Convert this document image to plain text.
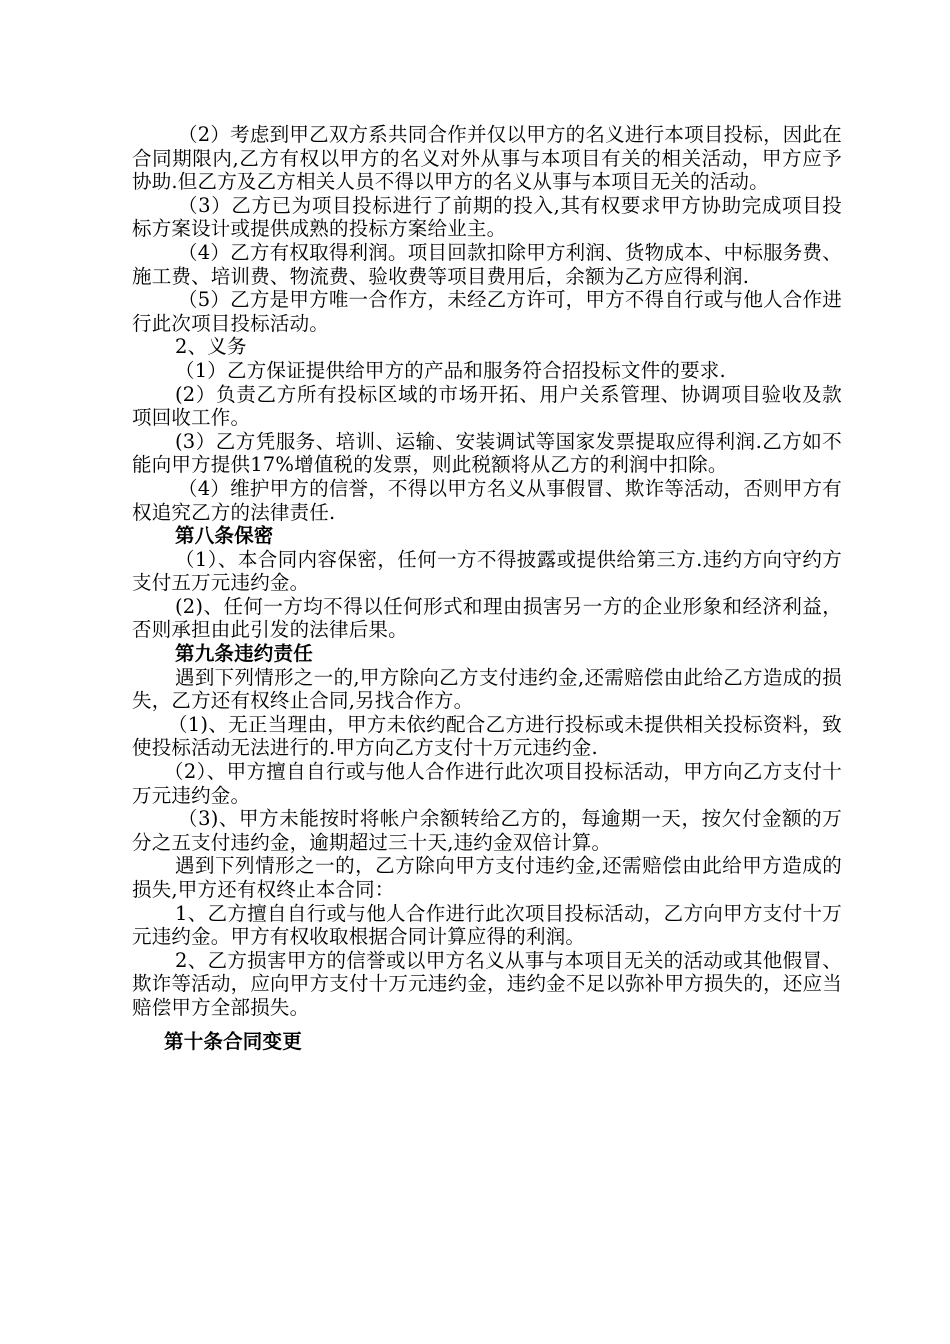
（2）考虑到甲乙双方系共同合作并仅以甲方的名义进行本项目投标，因此在合同期限内,乙方有权以甲方的名义对外从事与本项目有关的相关活动，甲方应予协助.但乙方及乙方相关人员不得以甲方的名义从事与本项目无关的活动。

（3）乙方已为项目投标进行了前期的投入,其有权要求甲方协助完成项目投标方案设计或提供成熟的投标方案给业主。

（4）乙方有权取得利润。项目回款扣除甲方利润、货物成本、中标服务费、施工费、培训费、物流费、验收费等项目费用后，余额为乙方应得利润.

（5）乙方是甲方唯一合作方，未经乙方许可，甲方不得自行或与他人合作进行此次项目投标活动。

2、义务

（1）乙方保证提供给甲方的产品和服务符合招投标文件的要求.

(2）负责乙方所有投标区域的市场开拓、用户关系管理、协调项目验收及款项回收工作。

(3）乙方凭服务、培训、运输、安装调试等国家发票提取应得利润.乙方如不能向甲方提供17%增值税的发票，则此税额将从乙方的利润中扣除。

（4）维护甲方的信誉，不得以甲方名义从事假冒、欺诈等活动，否则甲方有权追究乙方的法律责任.

第八条保密

（1）、本合同内容保密，任何一方不得披露或提供给第三方.违约方向守约方支付五万元违约金。

(2)、任何一方均不得以任何形式和理由损害另一方的企业形象和经济利益，否则承担由此引发的法律后果。

第九条违约责任

遇到下列情形之一的,甲方除向乙方支付违约金,还需赔偿由此给乙方造成的损失，乙方还有权终止合同,另找合作方。

（1)、无正当理由，甲方未依约配合乙方进行投标或未提供相关投标资料，致使投标活动无法进行的.甲方向乙方支付十万元违约金.

（2）、甲方擅自自行或与他人合作进行此次项目投标活动，甲方向乙方支付十万元违约金。

（3)、甲方未能按时将帐户余额转给乙方的，每逾期一天，按欠付金额的万分之五支付违约金，逾期超过三十天,违约金双倍计算。

遇到下列情形之一的，乙方除向甲方支付违约金,还需赔偿由此给甲方造成的损失,甲方还有权终止本合同：

1、乙方擅自自行或与他人合作进行此次项目投标活动，乙方向甲方支付十万元违约金。甲方有权收取根据合同计算应得的利润。

2、乙方损害甲方的信誉或以甲方名义从事与本项目无关的活动或其他假冒、欺诈等活动，应向甲方支付十万元违约金，违约金不足以弥补甲方损失的，还应当赔偿甲方全部损失。

第十条合同变更
